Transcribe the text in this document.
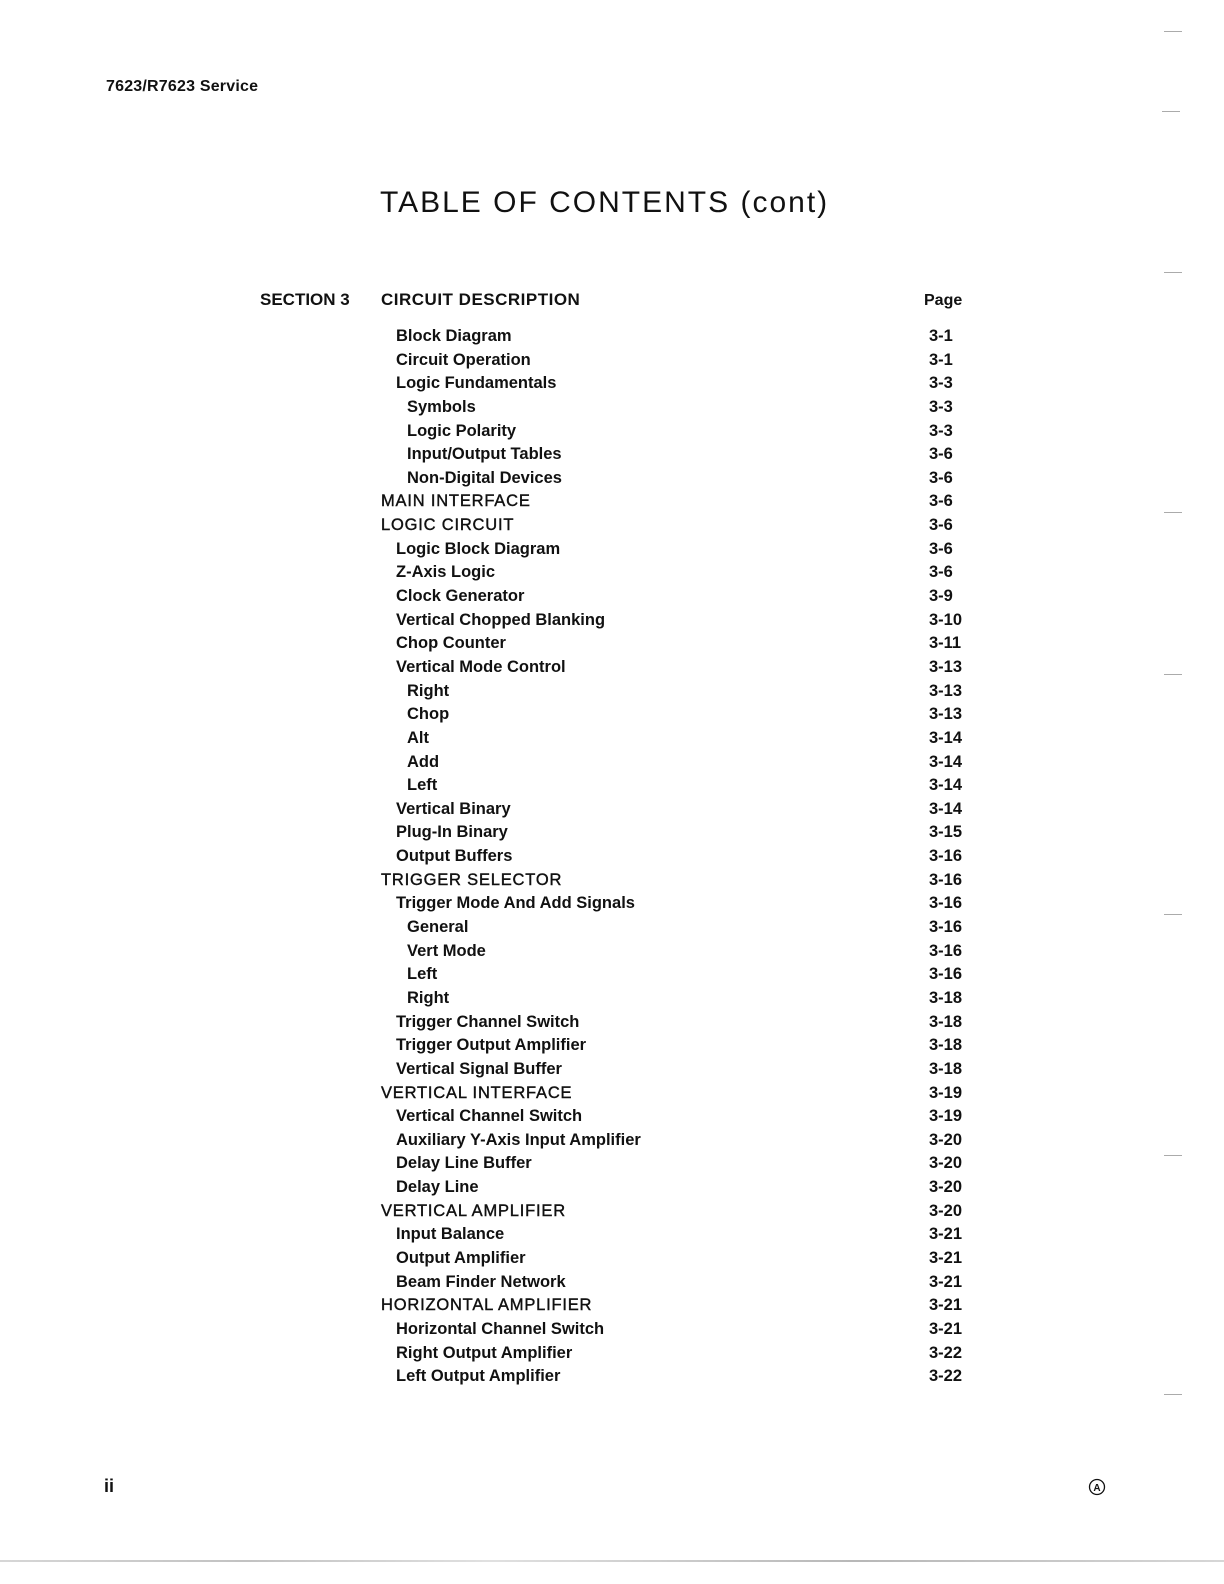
7623/R7623 Service
TABLE OF CONTENTS (cont)
SECTION 3 CIRCUIT DESCRIPTION	Page
Block Diagram	3-1
Circuit Operation	3-1
Logic Fundamentals	3-3
Symbols	3-3
Logic Polarity	3-3
Input/Output Tables	3-6
Non-Digital Devices	3-6
MAIN INTERFACE	3-6
LOGIC CIRCUIT	3-6
Logic Block Diagram	3-6
Z-Axis Logic	3-6
Clock Generator	3-9
Vertical Chopped Blanking	3-10
Chop Counter	3-11
Vertical Mode Control	3-13
Right	3-13
Chop	3-13
Alt	3-14
Add	3-14
Left	3-14
Vertical Binary	3-14
Plug-In Binary	3-15
Output Buffers	3-16
TRIGGER SELECTOR	3-16
Trigger Mode And Add Signals	3-16
General	3-16
Vert Mode	3-16
Left	3-16
Right	3-18
Trigger Channel Switch	3-18
Trigger Output Amplifier	3-18
Vertical Signal Buffer	3-18
VERTICAL INTERFACE	3-19
Vertical Channel Switch	3-19
Auxiliary Y-Axis Input Amplifier	3-20
Delay Line Buffer	3-20
Delay Line	3-20
VERTICAL AMPLIFIER	3-20
Input Balance	3-21
Output Amplifier	3-21
Beam Finder Network	3-21
HORIZONTAL AMPLIFIER	3-21
Horizontal Channel Switch	3-21
Right Output Amplifier	3-22
Left Output Amplifier	3-22
ii	A
